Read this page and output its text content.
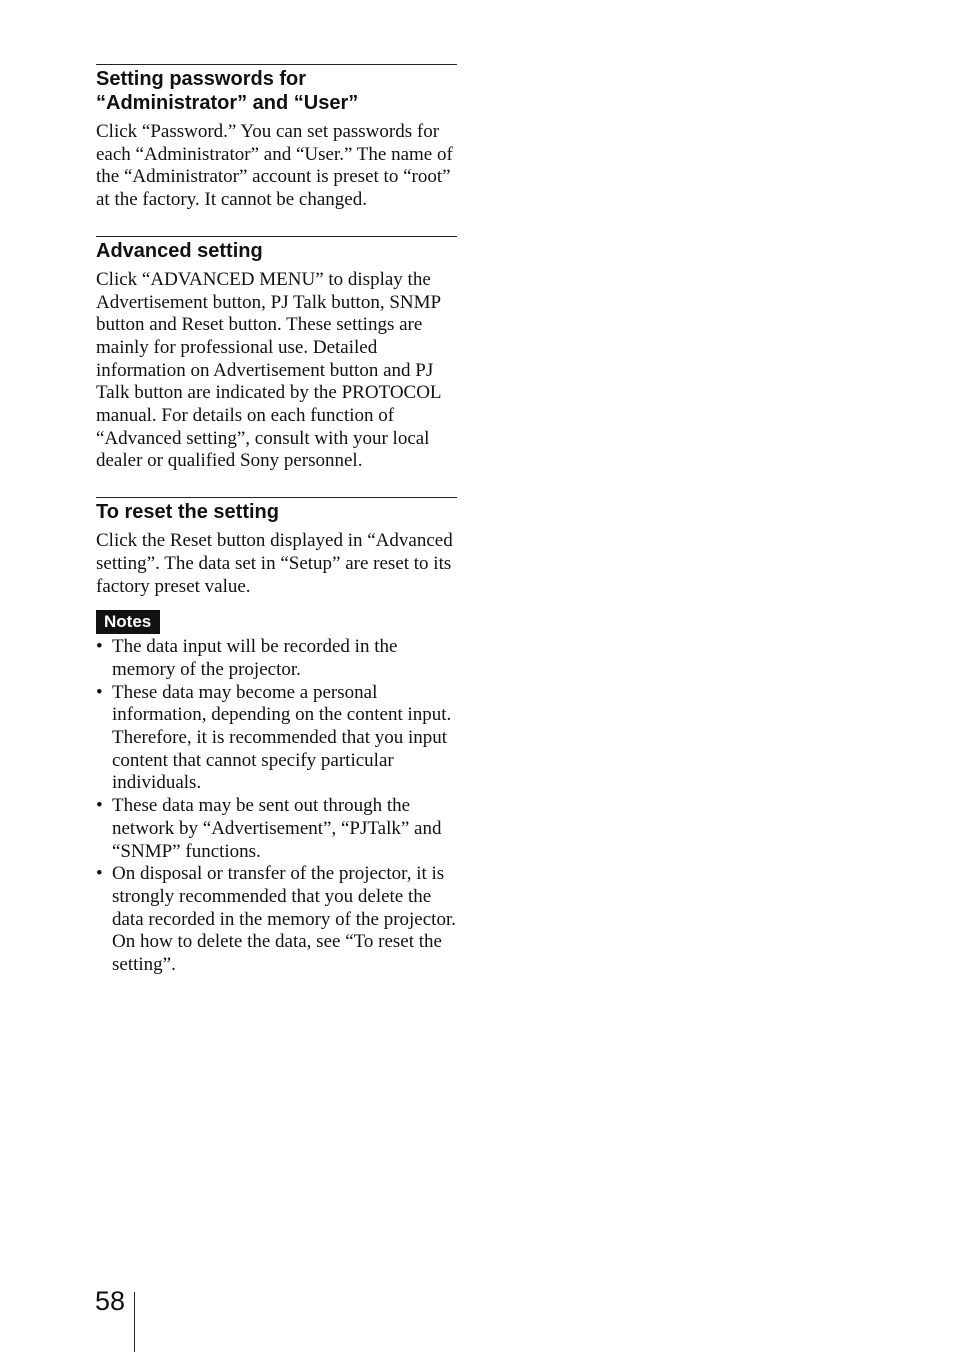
Setting passwords for
“Administrator” and “User”

Click “Password.” You can set passwords for each “Administrator” and “User.” The name of the “Administrator” account is preset to “root” at the factory. It cannot be changed.

Advanced setting

Click “ADVANCED MENU” to display the Advertisement button, PJ Talk button, SNMP button and Reset button. These settings are mainly for professional use. Detailed information on Advertisement button and PJ Talk button are indicated by the PROTOCOL manual. For details on each function of “Advanced setting”, consult with your local dealer or qualified Sony personnel.

To reset the setting

Click the Reset button displayed in “Advanced setting”. The data set in “Setup” are reset to its factory preset value.

Notes
• The data input will be recorded in the memory of the projector.
• These data may become a personal information, depending on the content input. Therefore, it is recommended that you input content that cannot specify particular individuals.
• These data may be sent out through the network by “Advertisement”, “PJTalk” and “SNMP” functions.
• On disposal or transfer of the projector, it is strongly recommended that you delete the data recorded in the memory of the projector. On how to delete the data, see “To reset the setting”.
58
